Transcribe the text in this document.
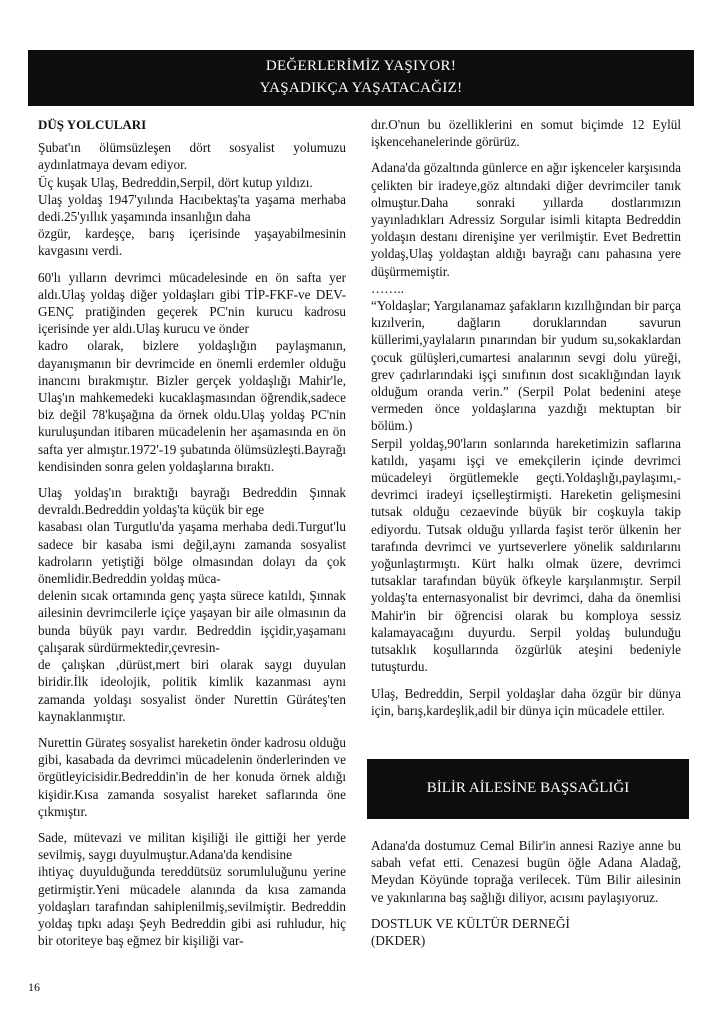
DEĞERLERİMİZ YAŞIYOR!
YAŞADIKÇA YAŞATACAĞIZ!
DÜŞ YOLCULARI

Şubat'ın ölümsüzleşen dört sosyalist yolumuzu aydınlatmaya devam ediyor.
Üç kuşak Ulaş, Bedreddin,Serpil, dört kutup yıldızı.
Ulaş yoldaş 1947'yılında Hacıbektaş'ta yaşama merhaba dedi.25'yıllık yaşamında insanlığın daha
özgür, kardeşçe, barış içerisinde yaşayabilmesinin kavgasını verdi.

60'lı yılların devrimci mücadelesinde en ön safta yer aldı.Ulaş yoldaş diğer yoldaşları gibi TİP-FKF-ve DEV-GENÇ pratiğinden geçerek PC'nin kurucu kadrosu içerisinde yer aldı.Ulaş kurucu ve önder
kadro olarak, bizlere yoldaşlığın paylaşmanın, dayanışmanın bir devrimcide en önemli erdemler olduğu inancını bırakmıştır. Bizler gerçek yoldaşlığı Mahir'le, Ulaş'ın mahkemedeki kucaklaşmasından öğrendik,sadece biz değil 78'kuşağına da örnek oldu.Ulaş yoldaş PC'nin kuruluşundan itibaren mücadelenin her aşamasında en ön safta yer almıştır.1972'-19 şubatında ölümsüzleşti.Bayrağı kendisinden sonra gelen yoldaşlarına bıraktı.

Ulaş yoldaş'ın bıraktığı bayrağı Bedreddin Şınnak devraldı.Bedreddin yoldaş'ta küçük bir ege
kasabası olan Turgutlu'da yaşama merhaba dedi.Turgut'lu sadece bir kasaba ismi değil,aynı zamanda sosyalist kadroların yetiştiği bölge olmasından dolayı da çok önemlidir.Bedreddin yoldaş müca-
delenin sıcak ortamında genç yaşta sürece katıldı, Şınnak ailesinin devrimcilerle içiçe yaşayan bir aile olmasının da bunda büyük payı vardır. Bedreddin işçidir,yaşamanı çalışarak sürdürmektedir,çevresin-
de çalışkan ,dürüst,mert biri olarak saygı duyulan biridir.İlk ideolojik, politik kimlik kazanması aynı zamanda yoldaşı sosyalist önder Nurettin Güráteş'ten kaynaklanmıştır.

Nurettin Gürateş sosyalist hareketin önder kadrosu olduğu gibi, kasabada da devrimci mücadelenin önderlerinden ve örgütleyicisidir.Bedreddin'in de her konuda örnek aldığı kişidir.Kısa zamanda sosyalist hareket saflarında öne çıkmıştır.

Sade, mütevazi ve militan kişiliği ile gittiği her yerde sevilmiş, saygı duyulmuştur.Adana'da kendisine
ihtiyaç duyulduğunda tereddütsüz sorumluluğunu yerine getirmiştir.Yeni mücadele alanında da kısa zamanda yoldaşları tarafından sahiplenilmiş,sevilmiştir. Bedreddin yoldaş tıpkı adaşı Şeyh Bedreddin gibi asi ruhludur, hiç bir otoriteye baş eğmez bir kişiliği var-

dır.O'nun bu özelliklerini en somut biçimde 12 Eylül işkencehanelerinde görürüz.

Adana'da gözaltında günlerce en ağır işkenceler karşısında çelikten bir iradeye,göz altındaki diğer devrimciler tanık olmuştur.Daha sonraki yıllarda dostlarımızın yayınladıkları Adressiz Sorgular isimli kitapta Bedreddin yoldaşın destanı direnişine yer verilmiştir. Evet Bedrettin yoldaş,Ulaş yoldaştan aldığı bayrağı canı pahasına yere düşürmemiştir.
……..
“Yoldaşlar; Yargılanamaz şafakların kızıllığından bir parça kızılverin, dağların doruklarından savurun küllerimi,yaylaların pınarından bir yudum su,sokaklardan çocuk gülüşleri,cumartesi analarının sevgi dolu yüreği, grev çadırlarındaki işçi sınıfının dost sıcaklığından layık olduğum oranda verin.” (Serpil Polat bedenini ateşe vermeden önce yoldaşlarına yazdığı mektuptan bir bölüm.)
Serpil yoldaş,90'ların sonlarında hareketimizin saflarına katıldı, yaşamı işçi ve emekçilerin içinde devrimci mücadeleyi örgütlemekle geçti.Yoldaşlığı,paylaşımı,-devrimci iradeyi içselleştirmişti. Hareketin gelişmesini tutsak olduğu cezaevinde büyük bir coşkuyla takip ediyordu. Tutsak olduğu yıllarda faşist terör ülkenin her tarafında devrimci ve yurtseverlere yönelik saldırılarını yoğunlaştırmıştı. Kürt halkı olmak üzere, devrimci tutsaklar tarafından büyük öfkeyle karşılanmıştır. Serpil yoldaş'ta enternasyonalist bir devrimci, daha da önemlisi Mahir'in bir öğrencisi olarak bu komploya sessiz kalamayacağını duyurdu. Serpil yoldaş bulunduğu tutsaklık koşullarında özgürlük ateşini bedeniyle tutuşturdu.

Ulaş, Bedreddin, Serpil yoldaşlar daha özgür bir dünya için, barış,kardeşlik,adil bir dünya için mücadele ettiler.

BİLİR AİLESİNE BAŞSAĞLIĞI

Adana'da dostumuz Cemal Bilir'in annesi Raziye anne bu sabah vefat etti. Cenazesi bugün öğle Adana Aladağ, Meydan Köyünde toprağa verilecek. Tüm Bilir ailesinin ve yakınlarına baş sağlığı diliyor, acısını paylaşıyoruz.

DOSTLUK VE KÜLTÜR DERNEĞİ
(DKDER)

16
